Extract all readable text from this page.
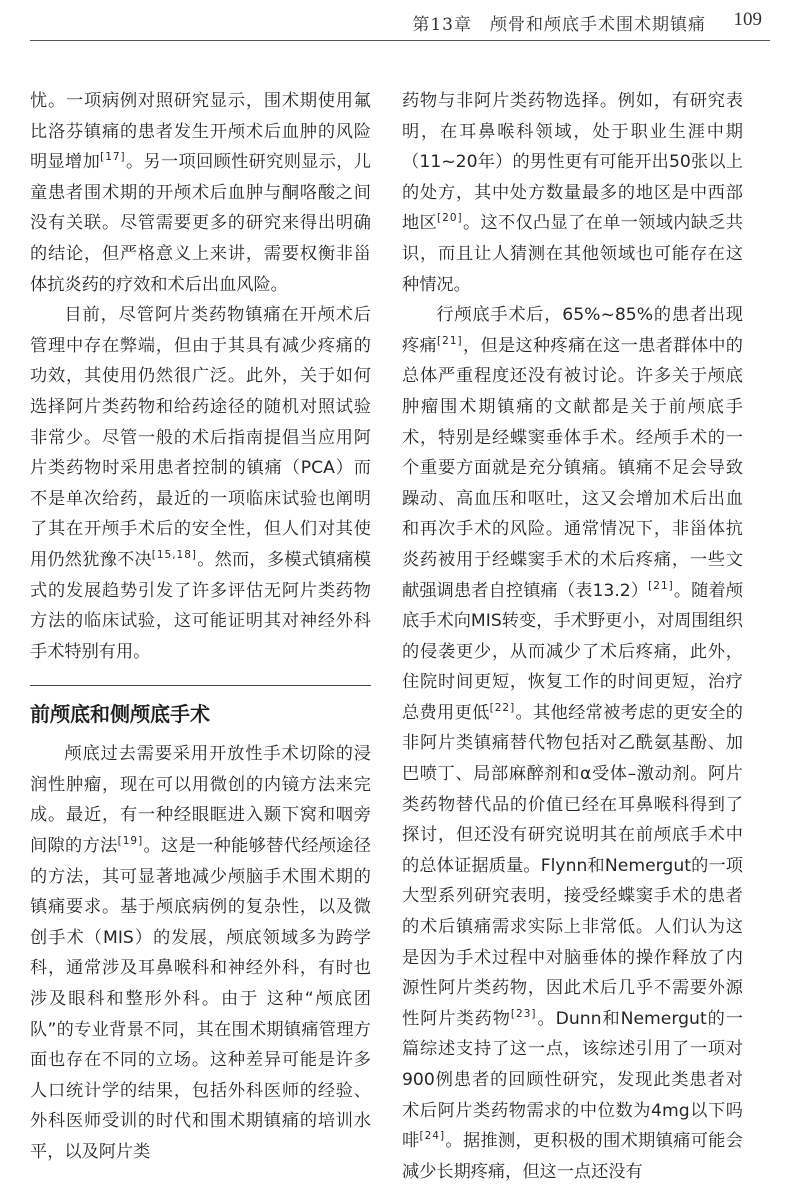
第13章　颅骨和颅底手术围术期镇痛 109

忧。一项病例对照研究显示，围术期使用氟比洛芬镇痛的患者发生开颅术后血肿的风险明显增加[17]。另一项回顾性研究则显示，儿童患者围术期的开颅术后血肿与酮咯酸之间没有关联。尽管需要更多的研究来得出明确的结论，但严格意义上来讲，需要权衡非甾体抗炎药的疗效和术后出血风险。

目前，尽管阿片类药物镇痛在开颅术后管理中存在弊端，但由于其具有减少疼痛的功效，其使用仍然很广泛。此外，关于如何选择阿片类药物和给药途径的随机对照试验非常少。尽管一般的术后指南提倡当应用阿片类药物时采用患者控制的镇痛（PCA）而不是单次给药，最近的一项临床试验也阐明了其在开颅手术后的安全性，但人们对其使用仍然犹豫不决[15,18]。然而，多模式镇痛模式的发展趋势引发了许多评估无阿片类药物方法的临床试验，这可能证明其对神经外科手术特别有用。

前颅底和侧颅底手术

颅底过去需要采用开放性手术切除的浸润性肿瘤，现在可以用微创的内镜方法来完成。最近，有一种经眼眶进入颞下窝和咽旁间隙的方法[19]。这是一种能够替代经颅途径的方法，其可显著地减少颅脑手术围术期的镇痛要求。基于颅底病例的复杂性，以及微创手术（MIS）的发展，颅底领域多为跨学科，通常涉及耳鼻喉科和神经外科，有时也涉及眼科和整形外科。由于 这种“颅底团队”的专业背景不同，其在围术期镇痛管理方面也存在不同的立场。这种差异可能是许多人口统计学的结果，包括外科医师的经验、外科医师受训的时代和围术期镇痛的培训水平，以及阿片类

药物与非阿片类药物选择。例如，有研究表明，在耳鼻喉科领域，处于职业生涯中期（11~20年）的男性更有可能开出50张以上的处方，其中处方数量最多的地区是中西部地区[20]。这不仅凸显了在单一领域内缺乏共识，而且让人猜测在其他领域也可能存在这种情况。

行颅底手术后，65%~85%的患者出现疼痛[21]，但是这种疼痛在这一患者群体中的总体严重程度还没有被讨论。许多关于颅底肿瘤围术期镇痛的文献都是关于前颅底手术，特别是经蝶窦垂体手术。经颅手术的一个重要方面就是充分镇痛。镇痛不足会导致躁动、高血压和呕吐，这又会增加术后出血和再次手术的风险。通常情况下，非甾体抗炎药被用于经蝶窦手术的术后疼痛，一些文献强调患者自控镇痛（表13.2）[21]。随着颅底手术向MIS转变，手术野更小，对周围组织的侵袭更少，从而减少了术后疼痛，此外，住院时间更短，恢复工作的时间更短，治疗总费用更低[22]。其他经常被考虑的更安全的非阿片类镇痛替代物包括对乙酰氨基酚、加巴喷丁、局部麻醉剂和α受体–激动剂。阿片类药物替代品的价值已经在耳鼻喉科得到了探讨，但还没有研究说明其在前颅底手术中的总体证据质量。Flynn和Nemergut的一项大型系列研究表明，接受经蝶窦手术的患者的术后镇痛需求实际上非常低。人们认为这是因为手术过程中对脑垂体的操作释放了内源性阿片类药物，因此术后几乎不需要外源性阿片类药物[23]。Dunn和Nemergut的一篇综述支持了这一点，该综述引用了一项对900例患者的回顾性研究，发现此类患者对术后阿片类药物需求的中位数为4mg以下吗啡[24]。据推测，更积极的围术期镇痛可能会减少长期疼痛，但这一点还没有
